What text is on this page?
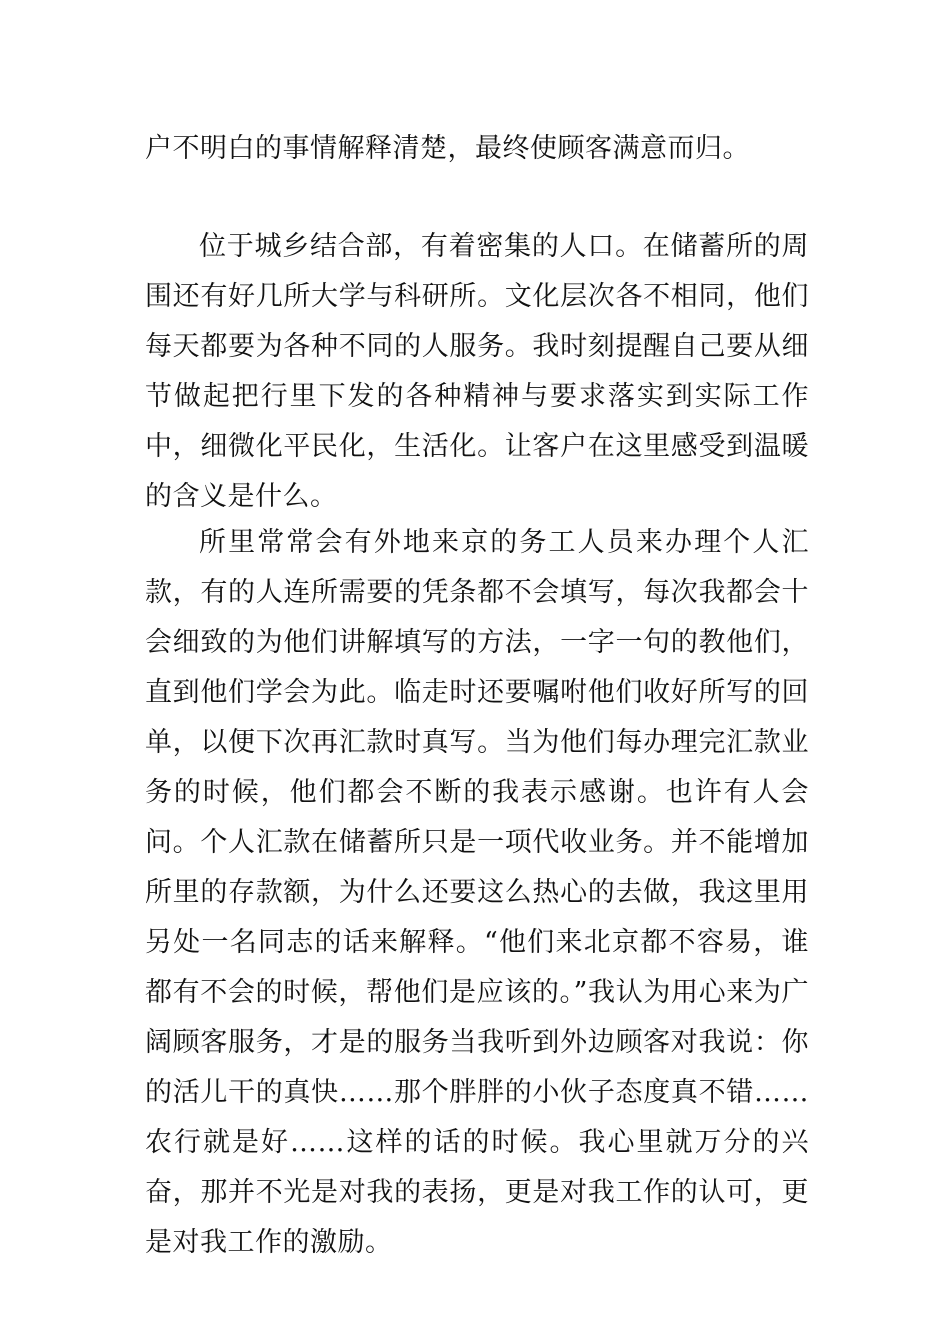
户不明白的事情解释清楚，最终使顾客满意而归。

位于城乡结合部，有着密集的人口。在储蓄所的周围还有好几所大学与科研所。文化层次各不相同，他们每天都要为各种不同的人服务。我时刻提醒自己要从细节做起把行里下发的各种精神与要求落实到实际工作中，细微化平民化，生活化。让客户在这里感受到温暖的含义是什么。

所里常常会有外地来京的务工人员来办理个人汇款，有的人连所需要的凭条都不会填写，每次我都会十会细致的为他们讲解填写的方法，一字一句的教他们，直到他们学会为此。临走时还要嘱咐他们收好所写的回单，以便下次再汇款时真写。当为他们每办理完汇款业务的时候，他们都会不断的我表示感谢。也许有人会问。个人汇款在储蓄所只是一项代收业务。并不能增加所里的存款额，为什么还要这么热心的去做，我这里用另处一名同志的话来解释。“他们来北京都不容易，谁都有不会的时候，帮他们是应该的。”我认为用心来为广阔顾客服务，才是的服务当我听到外边顾客对我说：你的活儿干的真快……那个胖胖的小伙子态度真不错……农行就是好……这样的话的时候。我心里就万分的兴奋，那并不光是对我的表扬，更是对我工作的认可，更是对我工作的激励。
